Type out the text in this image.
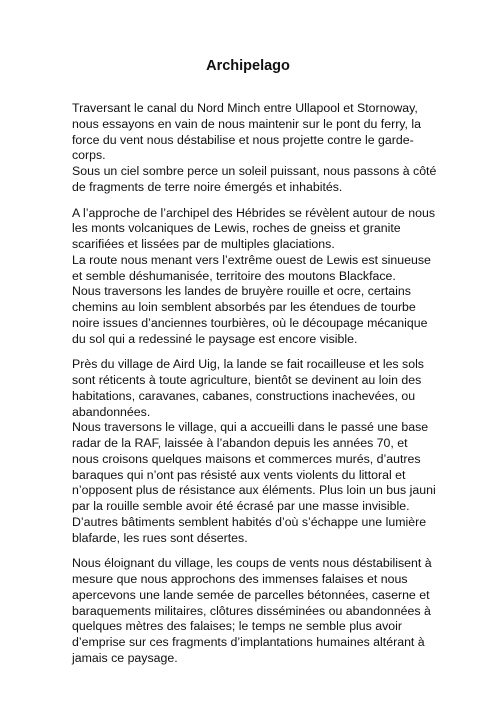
Archipelago

Traversant le canal du Nord Minch entre Ullapool et Stornoway,
nous essayons en vain de nous maintenir sur le pont du ferry, la
force du vent nous déstabilise et nous projette contre le garde-
corps.
Sous un ciel sombre perce un soleil puissant, nous passons à côté
de fragments de terre noire émergés et inhabités.

A l’approche de l’archipel des Hébrides se révèlent autour de nous
les monts volcaniques de Lewis, roches de gneiss et granite
scarifiées et lissées par de multiples glaciations.
La route nous menant vers l’extrême ouest de Lewis est sinueuse
et semble déshumanisée, territoire des moutons Blackface.
Nous traversons les landes de bruyère rouille et ocre, certains
chemins au loin semblent absorbés par les étendues de tourbe
noire issues d’anciennes tourbières, où le découpage mécanique
du sol qui a redessiné le paysage est encore visible.

Près du village de Aird Uig, la lande se fait rocailleuse et les sols
sont réticents à toute agriculture, bientôt se devinent au loin des
habitations, caravanes, cabanes, constructions inachevées, ou
abandonnées.
Nous traversons le village, qui a accueilli dans le passé une base
radar de la RAF, laissée à l’abandon depuis les années 70, et
nous croisons quelques maisons et commerces murés, d’autres
baraques qui n’ont pas résisté aux vents violents du littoral et
n’opposent plus de résistance aux éléments. Plus loin un bus jauni
par la rouille semble avoir été écrasé par une masse invisible.
D’autres bâtiments semblent habités d’où s’échappe une lumière
blafarde, les rues sont désertes.

Nous éloignant du village, les coups de vents nous déstabilisent à
mesure que nous approchons des immenses falaises et nous
apercevons une lande semée de parcelles bétonnées, caserne et
baraquements militaires, clôtures disséminées ou abandonnées à
quelques mètres des falaises; le temps ne semble plus avoir
d’emprise sur ces fragments d’implantations humaines altérant à
jamais ce paysage.
